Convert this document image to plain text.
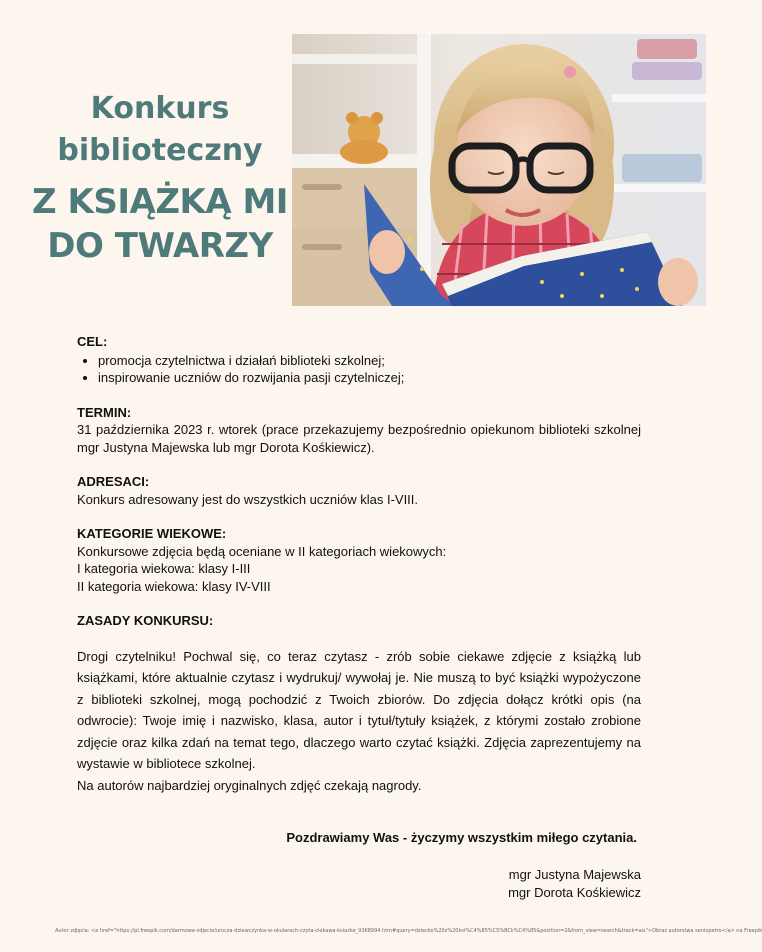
Konkurs
biblioteczny
Z KSIĄŻKĄ MI
DO TWARZY
CEL:
• promocja czytelnictwa i działań biblioteki szkolnej;
• inspirowanie uczniów do rozwijania pasji czytelniczej;
TERMIN:
31 października 2023 r. wtorek (prace przekazujemy bezpośrednio opiekunom biblioteki szkolnej mgr Justyna Majewska lub mgr Dorota Kośkiewicz).
ADRESACI:
Konkurs adresowany jest do wszystkich uczniów klas I-VIII.
KATEGORIE WIEKOWE:
Konkursowe zdjęcia będą oceniane w II kategoriach wiekowych:
I kategoria wiekowa: klasy I-III
II kategoria wiekowa: klasy IV-VIII
ZASADY KONKURSU:
Drogi czytelniku! Pochwal się, co teraz czytasz - zrób sobie ciekawe zdjęcie z książką lub książkami, które aktualnie czytasz i wydrukuj/ wywołaj je. Nie muszą to być książki wypożyczone z biblioteki szkolnej, mogą pochodzić z Twoich zbiorów. Do zdjęcia dołącz krótki opis (na odwrocie): Twoje imię i nazwisko, klasa, autor i tytuł/tytuły książek, z którymi zostało zrobione zdjęcie oraz kilka zdań na temat tego, dlaczego warto czytać książki. Zdjęcia zaprezentujemy na wystawie w bibliotece szkolnej.
Na autorów najbardziej oryginalnych zdjęć czekają nagrody.
Pozdrawiamy Was - życzymy wszystkim miłego czytania.
mgr Justyna Majewska
mgr Dorota Kośkiewicz
Autor zdjęcia: <a href="https://pl.freepik.com/darmowe-zdjecie/urocza-dziewczynka-w-okularach-czyta-ciekawa-ksiazke_9368994.htm#query=dziecko%20z%20ksi%C4%85%C5%BCk%C4%85&position=2&from_view=search&track=ais">Obraz autorstwa senivpetro</a> na Freepik
